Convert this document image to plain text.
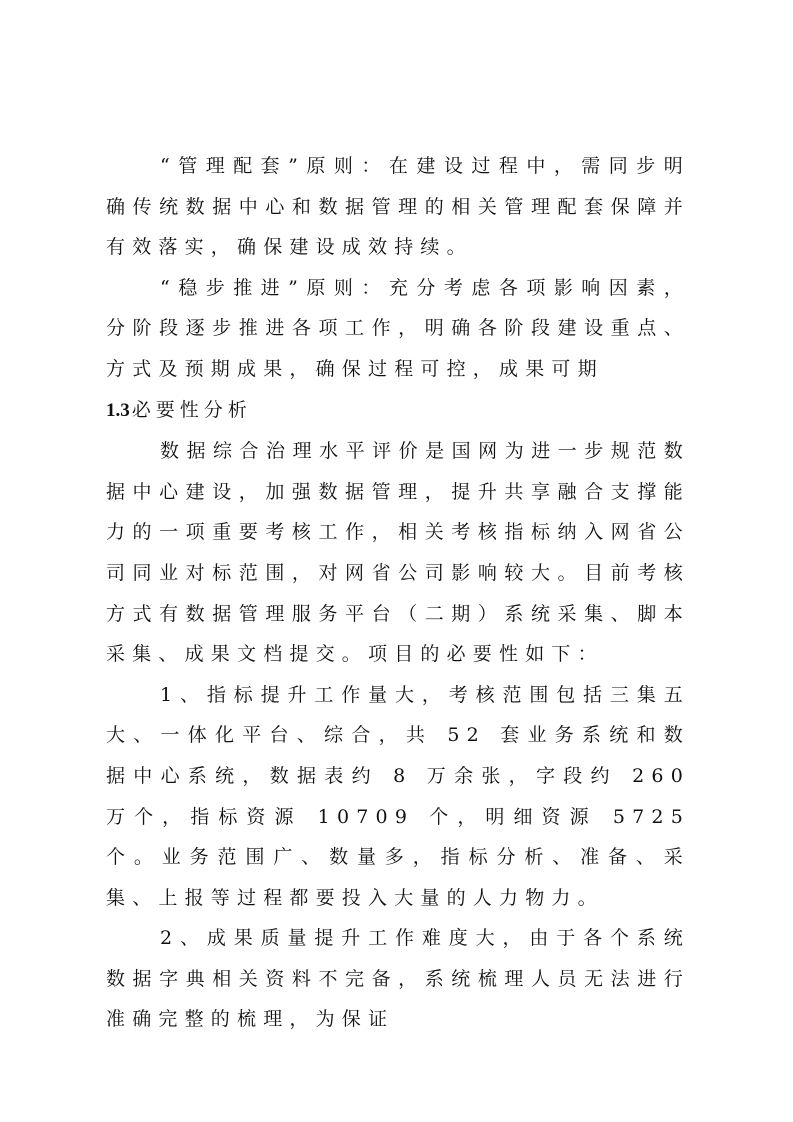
“管理配套”原则：在建设过程中，需同步明确传统数据中心和数据管理的相关管理配套保障并有效落实，确保建设成效持续。

“稳步推进”原则：充分考虑各项影响因素，分阶段逐步推进各项工作，明确各阶段建设重点、方式及预期成果，确保过程可控，成果可期

1.3 必要性分析

数据综合治理水平评价是国网为进一步规范数据中心建设，加强数据管理，提升共享融合支撑能力的一项重要考核工作，相关考核指标纳入网省公司同业对标范围，对网省公司影响较大。目前考核方式有数据管理服务平台（二期）系统采集、脚本采集、成果文档提交。项目的必要性如下：

1、指标提升工作量大，考核范围包括三集五大、一体化平台、综合，共 52 套业务系统和数据中心系统，数据表约 8 万余张，字段约 260 万个，指标资源 10709 个，明细资源 5725 个。业务范围广、数量多，指标分析、准备、采集、上报等过程都要投入大量的人力物力。

2、成果质量提升工作难度大，由于各个系统数据字典相关资料不完备，系统梳理人员无法进行准确完整的梳理，为保证
